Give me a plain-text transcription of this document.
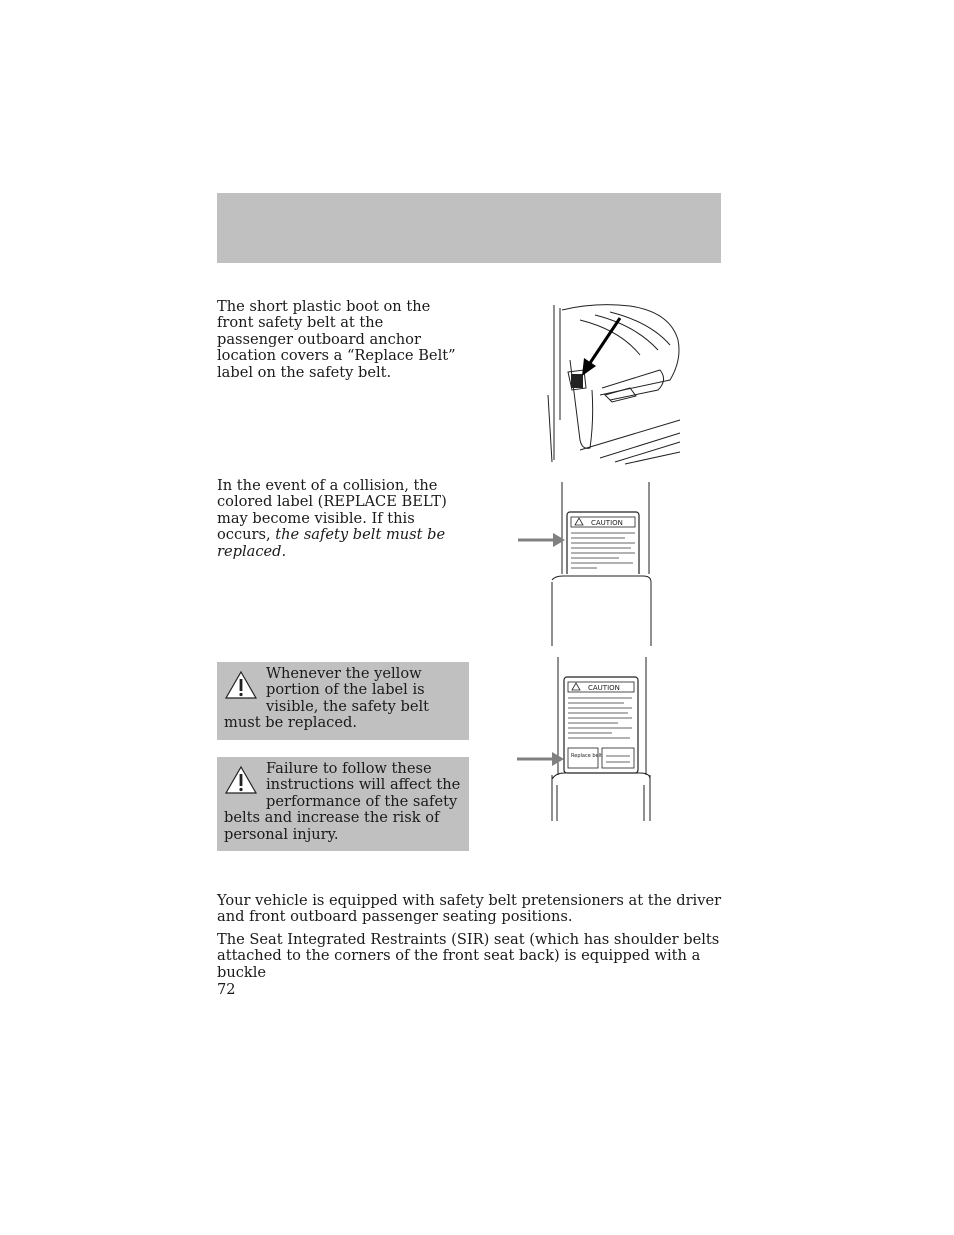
The short plastic boot on the front safety belt at the passenger outboard anchor location covers a “Replace Belt” label on the safety belt.

In the event of a collision, the colored label (REPLACE BELT) may become visible. If this occurs, the safety belt must be replaced.

CAUTION
CAUTION
Replace belt
Whenever the yellow portion of the label is visible, the safety belt must be replaced.
Failure to follow these instructions will affect the performance of the safety belts and increase the risk of personal injury.

Your vehicle is equipped with safety belt pretensioners at the driver and front outboard passenger seating positions.

The Seat Integrated Restraints (SIR) seat (which has shoulder belts attached to the corners of the front seat back) is equipped with a buckle

72
